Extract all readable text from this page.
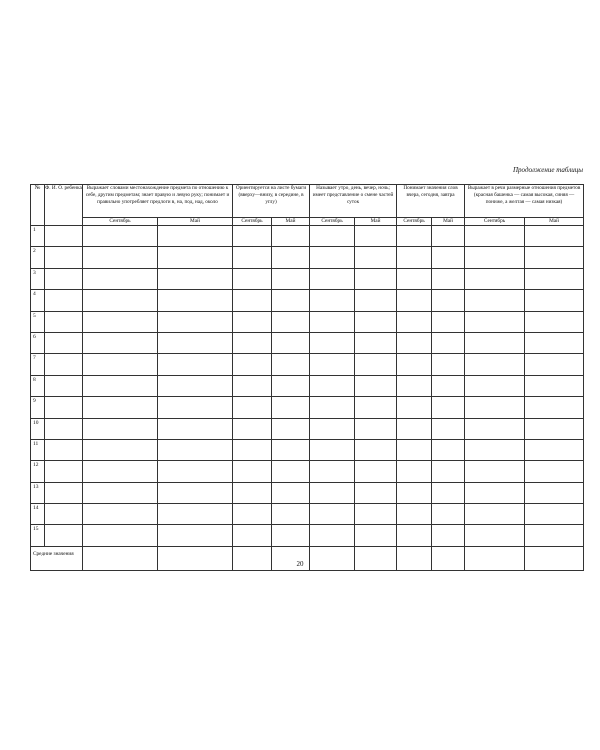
Продолжение таблицы
№	Ф. И. О. ребенка	Выражает словами местонахождение предмета по отношению к себе, другим предметам; знает правую и левую руку; понимает и правильно употребляет предлоги в, на, под, над, около		Ориентируется на листе бумаги (вверху—внизу, в середине, в углу)		Называет утро, день, вечер, ночь; имеет представление о смене частей суток		Понимает значения слов вчера, сегодня, завтра		Выражает в речи размерные отношения предметов (красная башенка — самая высокая, синяя — пониже, а желтая — самая низкая)	
		Сентябрь	Май	Сентябрь	Май	Сентябрь	Май	Сентябрь	Май	Сентябрь	Май
1											
2											
3											
4											
5											
6											
7											
8											
9											
10											
11											
12											
13											
14											
15											
Средние значения											
20
